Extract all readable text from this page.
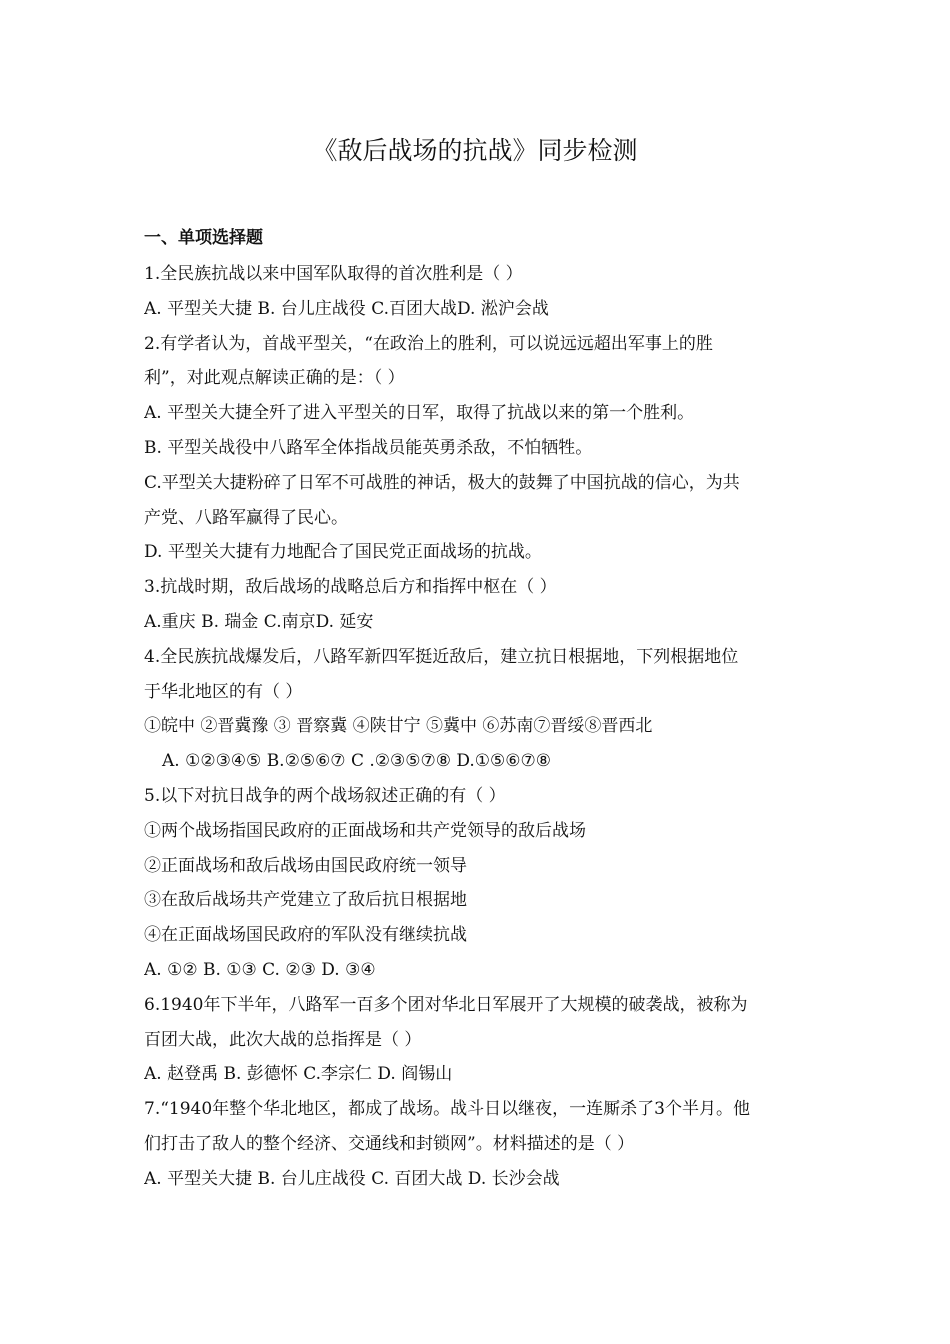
《敌后战场的抗战》同步检测
一、单项选择题
1.全民族抗战以来中国军队取得的首次胜利是（ ）
A. 平型关大捷 B. 台儿庄战役 C.百团大战D. 淞沪会战
2.有学者认为，首战平型关，“在政治上的胜利，可以说远远超出军事上的胜
利”，对此观点解读正确的是：（ ）
A. 平型关大捷全歼了进入平型关的日军，取得了抗战以来的第一个胜利。
B. 平型关战役中八路军全体指战员能英勇杀敌，不怕牺牲。
C.平型关大捷粉碎了日军不可战胜的神话，极大的鼓舞了中国抗战的信心，为共
产党、八路军赢得了民心。
D. 平型关大捷有力地配合了国民党正面战场的抗战。
3.抗战时期，敌后战场的战略总后方和指挥中枢在（ ）
A.重庆 B. 瑞金 C.南京D. 延安
4.全民族抗战爆发后，八路军新四军挺近敌后，建立抗日根据地，下列根据地位
于华北地区的有（ ）
①皖中 ②晋冀豫 ③ 晋察冀 ④陕甘宁 ⑤冀中 ⑥苏南⑦晋绥⑧晋西北
A. ①②③④⑤ B.②⑤⑥⑦ C .②③⑤⑦⑧ D.①⑤⑥⑦⑧
5.以下对抗日战争的两个战场叙述正确的有（ ）
①两个战场指国民政府的正面战场和共产党领导的敌后战场
②正面战场和敌后战场由国民政府统一领导
③在敌后战场共产党建立了敌后抗日根据地
④在正面战场国民政府的军队没有继续抗战
A. ①② B. ①③ C. ②③ D. ③④
6.1940年下半年，八路军一百多个团对华北日军展开了大规模的破袭战，被称为
百团大战，此次大战的总指挥是（ ）
A. 赵登禹 B. 彭德怀 C.李宗仁 D. 阎锡山
7.“1940年整个华北地区，都成了战场。战斗日以继夜，一连厮杀了3个半月。他
们打击了敌人的整个经济、交通线和封锁网”。材料描述的是（ ）
A. 平型关大捷 B. 台儿庄战役 C. 百团大战 D. 长沙会战
